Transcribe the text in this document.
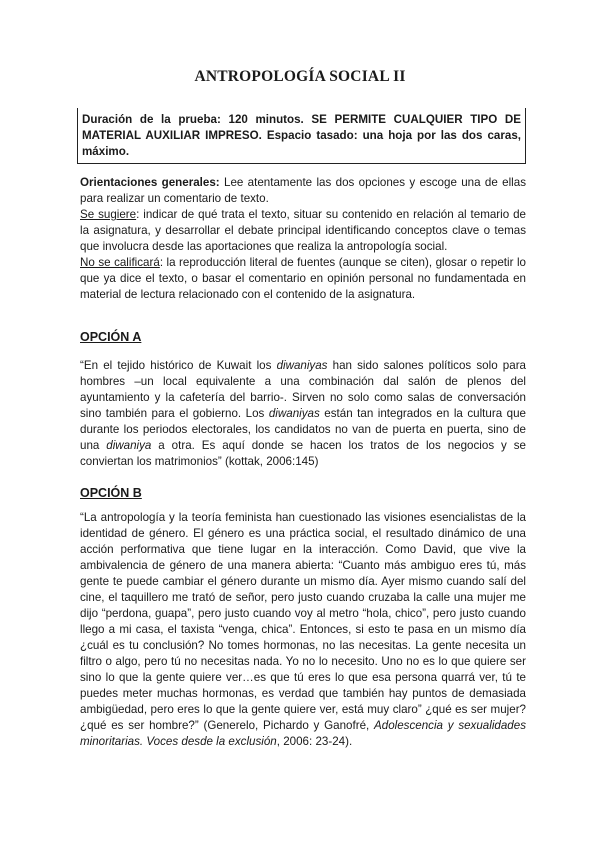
ANTROPOLOGÍA SOCIAL II
Duración de la prueba: 120 minutos. SE PERMITE CUALQUIER TIPO DE MATERIAL AUXILIAR IMPRESO. Espacio tasado: una hoja por las dos caras, máximo.

Orientaciones generales: Lee atentamente las dos opciones y escoge una de ellas para realizar un comentario de texto.

Se sugiere: indicar de qué trata el texto, situar su contenido en relación al temario de la asignatura, y desarrollar el debate principal identificando conceptos clave o temas que involucra desde las aportaciones que realiza la antropología social.

No se calificará: la reproducción literal de fuentes (aunque se citen), glosar o repetir lo que ya dice el texto, o basar el comentario en opinión personal no fundamentada en material de lectura relacionado con el contenido de la asignatura.

OPCIÓN A
“En el tejido histórico de Kuwait los diwaniyas han sido salones políticos solo para hombres –un local equivalente a una combinación dal salón de plenos del ayuntamiento y la cafetería del barrio-. Sirven no solo como salas de conversación sino también para el gobierno. Los diwaniyas están tan integrados en la cultura que durante los periodos electorales, los candidatos no van de puerta en puerta, sino de una diwaniya a otra. Es aquí donde se hacen los tratos de los negocios y se conviertan los matrimonios” (kottak, 2006:145)
OPCIÓN B
“La antropología y la teoría feminista han cuestionado las visiones esencialistas de la identidad de género. El género es una práctica social, el resultado dinámico de una acción performativa que tiene lugar en la interacción. Como David, que vive la ambivalencia de género de una manera abierta: “Cuanto más ambiguo eres tú, más gente te puede cambiar el género durante un mismo día. Ayer mismo cuando salí del cine, el taquillero me trató de señor, pero justo cuando cruzaba la calle una mujer me dijo “perdona, guapa”, pero justo cuando voy al metro “hola, chico”, pero justo cuando llego a mi casa, el taxista “venga, chica”. Entonces, si esto te pasa en un mismo día ¿cuál es tu conclusión? No tomes hormonas, no las necesitas. La gente necesita un filtro o algo, pero tú no necesitas nada. Yo no lo necesito. Uno no es lo que quiere ser sino lo que la gente quiere ver…es que tú eres lo que esa persona quarrá ver, tú te puedes meter muchas hormonas, es verdad que también hay puntos de demasiada ambigüedad, pero eres lo que la gente quiere ver, está muy claro” ¿qué es ser mujer? ¿qué es ser hombre?” (Generelo, Pichardo y Ganofré, Adolescencia y sexualidades minoritarias. Voces desde la exclusión, 2006: 23-24).
